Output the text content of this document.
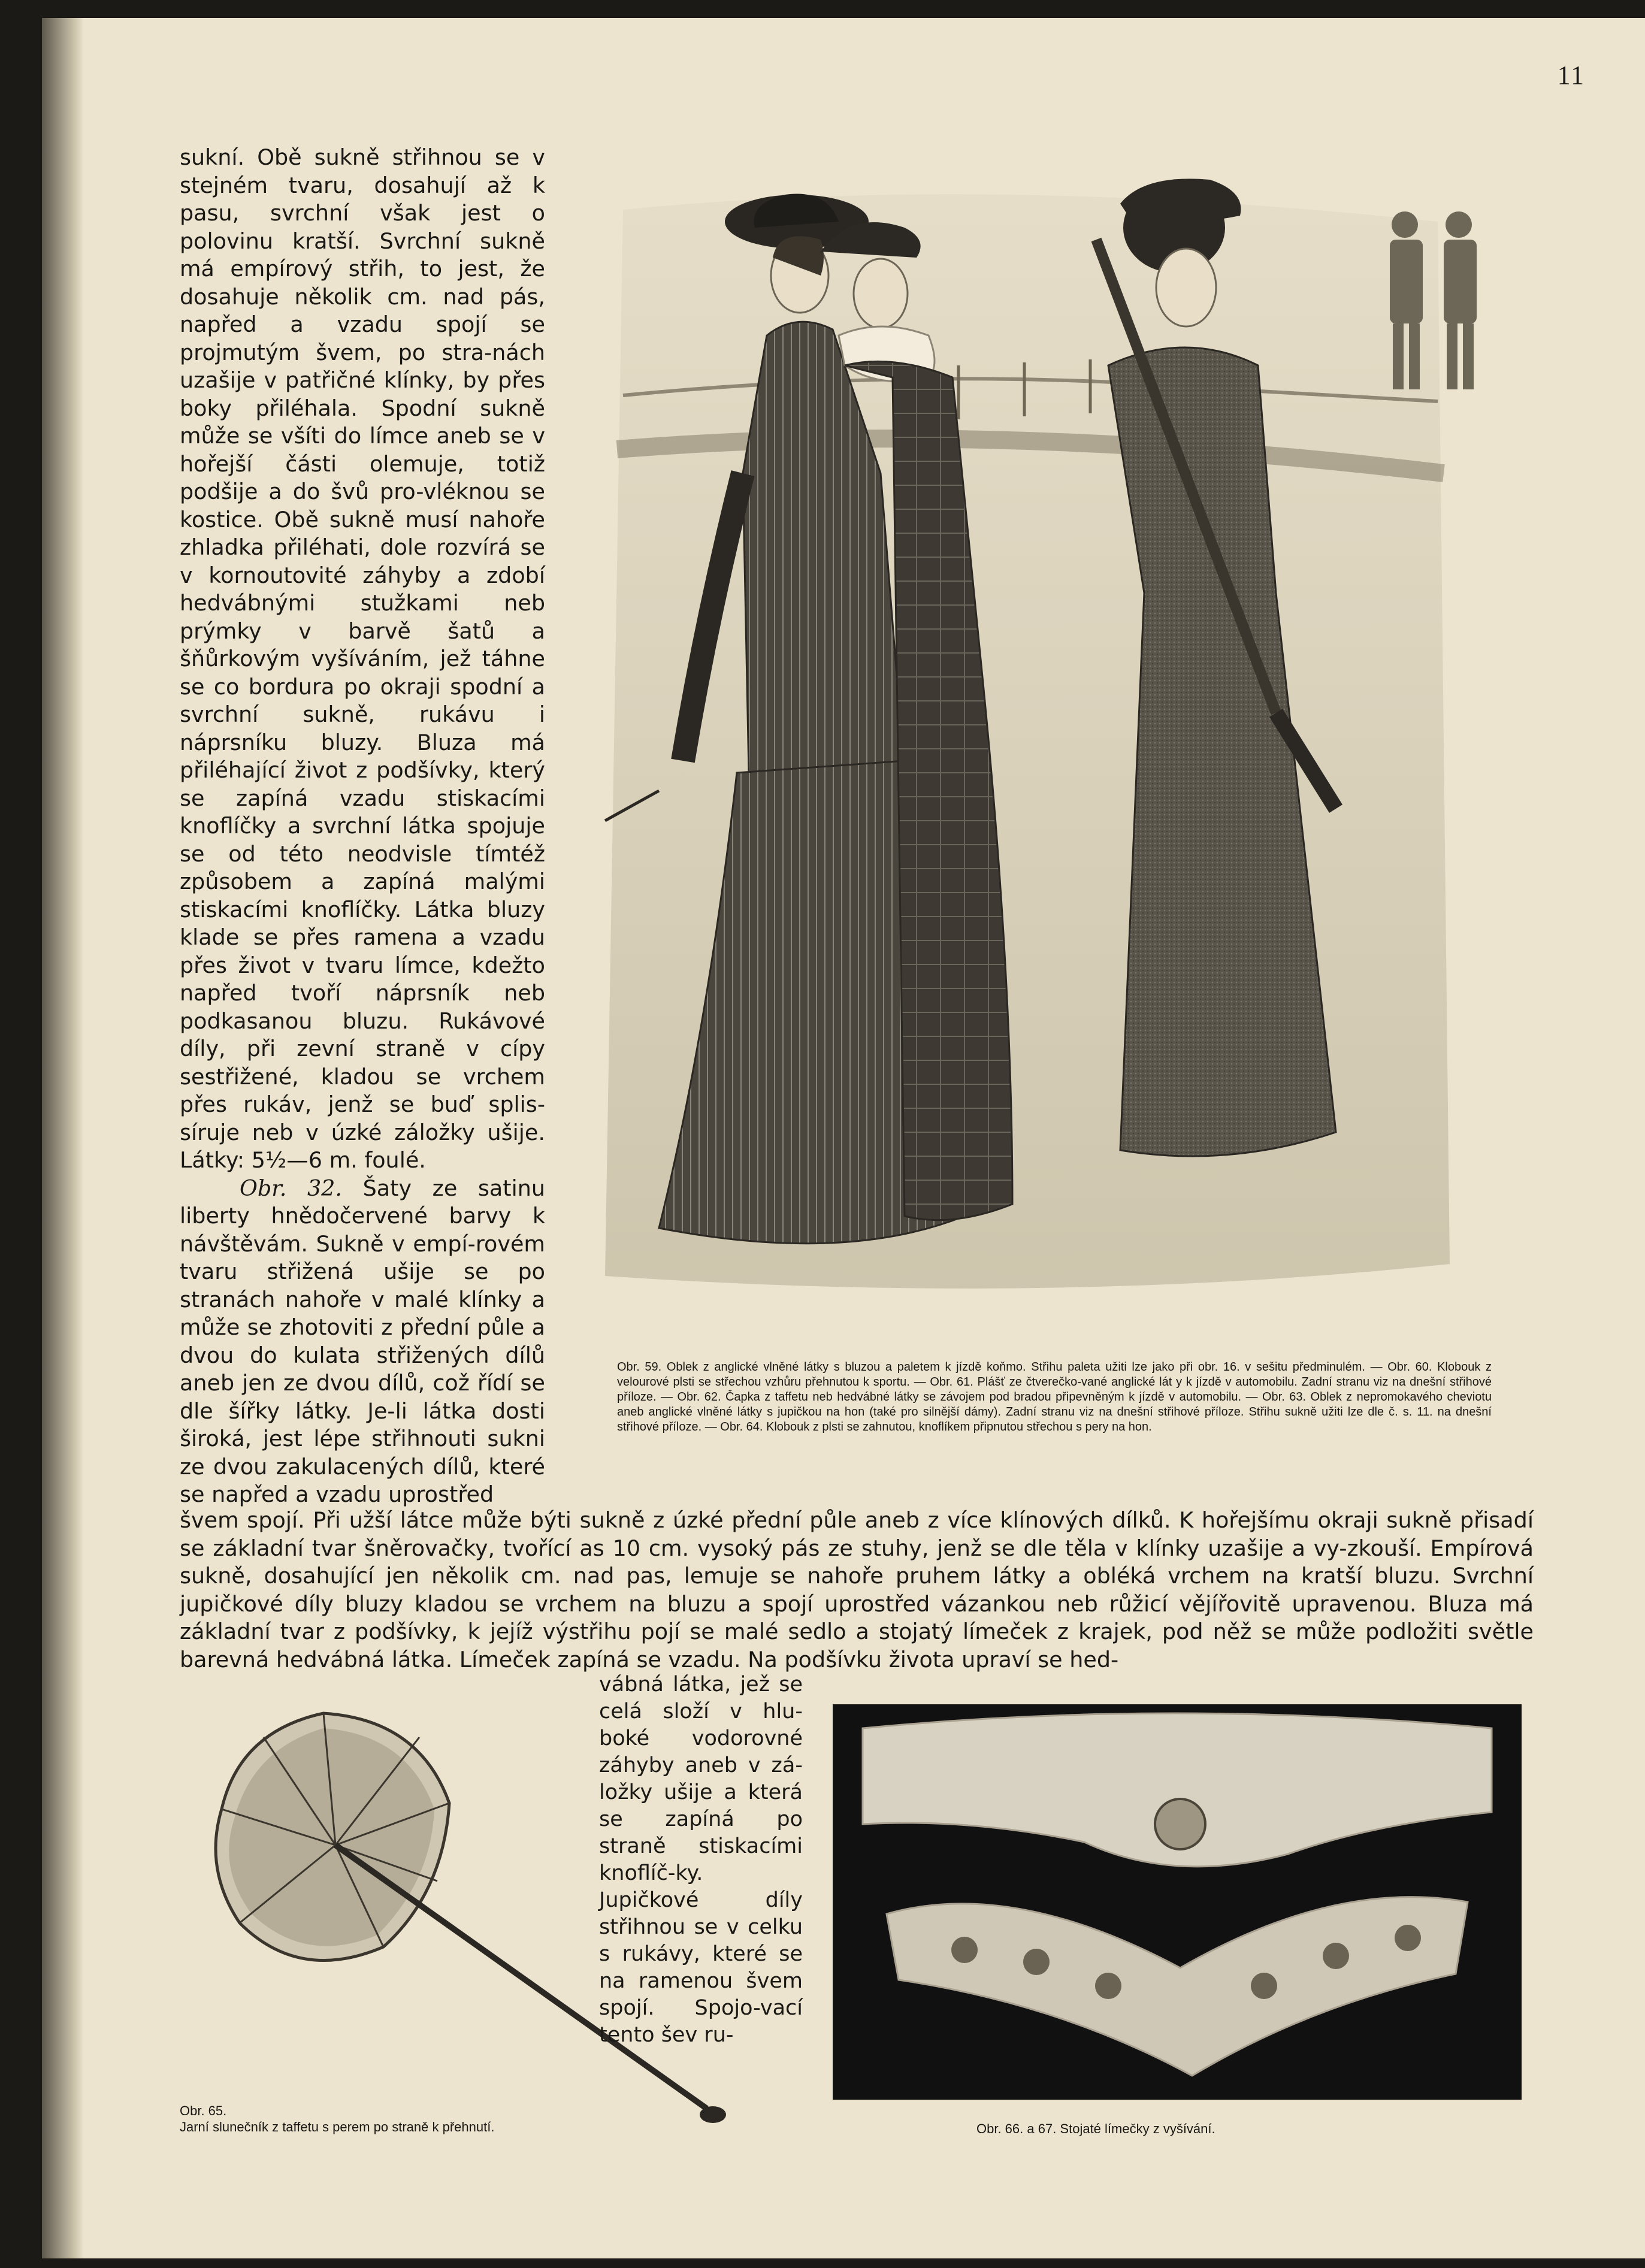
11

sukní. Obě sukně střihnou se v stejném tvaru, dosahují až k pasu, svrchní však jest o polovinu kratší. Svrchní sukně má empírový střih, to jest, že dosahuje několik cm. nad pás, napřed a vzadu spojí se projmutým švem, po stra-nách uzašije v patřičné klínky, by přes boky přiléhala. Spodní sukně může se všíti do límce aneb se v hořejší části olemuje, totiž podšije a do švů pro-vléknou se kostice. Obě sukně musí nahoře zhladka přiléhati, dole rozvírá se v kornoutovité záhyby a zdobí hedvábnými stužkami neb prýmky v barvě šatů a šňůrkovým vyšíváním, jež táhne se co bordura po okraji spodní a svrchní sukně, rukávu i náprsníku bluzy. Bluza má přiléhající život z podšívky, který se zapíná vzadu stiskacími knoflíčky a svrchní látka spojuje se od této neodvisle tímtéž způsobem a zapíná malými stiskacími knoflíčky. Látka bluzy klade se přes ramena a vzadu přes život v tvaru límce, kdežto napřed tvoří náprsník neb podkasanou bluzu. Rukávové díly, při zevní straně v cípy sestřižené, kladou se vrchem přes rukáv, jenž se buď splis-síruje neb v úzké záložky ušije. Látky: 5½—6 m. foulé.

Obr. 32. Šaty ze satinu liberty hnědočervené barvy k návštěvám. Sukně v empí-rovém tvaru střižená ušije se po stranách nahoře v malé klínky a může se zhotoviti z přední půle a dvou do kulata střižených dílů aneb jen ze dvou dílů, což řídí se dle šířky látky. Je-li látka dosti široká, jest lépe střihnouti sukni ze dvou zakulacených dílů, které se napřed a vzadu uprostřed

Obr. 59. Oblek z anglické vlněné látky s bluzou a paletem k jízdě koňmo. Střihu paleta užiti lze jako při obr. 16. v sešitu předminulém. — Obr. 60. Klobouk z velourové plsti se střechou vzhůru přehnutou k sportu. — Obr. 61. Plášť ze čtverečko-vané anglické lát y k jízdě v automobilu. Zadní stranu viz na dnešní střihové příloze. — Obr. 62. Čapka z taffetu neb hedvábné látky se závojem pod bradou připevněným k jízdě v automobilu. — Obr. 63. Oblek z nepromokavého cheviotu aneb anglické vlněné látky s jupičkou na hon (také pro silnější dámy). Zadní stranu viz na dnešní střihové příloze. Střihu sukně užiti lze dle č. s. 11. na dnešní střihové příloze. — Obr. 64. Klobouk z plsti se zahnutou, knoflíkem připnutou střechou s pery na hon.

švem spojí. Při užší látce může býti sukně z úzké přední půle aneb z více klínových dílků. K hořejšímu okraji sukně přisadí se základní tvar šněrovačky, tvořící as 10 cm. vysoký pás ze stuhy, jenž se dle těla v klínky uzašije a vy-zkouší. Empírová sukně, dosahující jen několik cm. nad pas, lemuje se nahoře pruhem látky a obléká vrchem na kratší bluzu. Svrchní jupičkové díly bluzy kladou se vrchem na bluzu a spojí uprostřed vázankou neb růžicí vějířovitě upravenou. Bluza má základní tvar z podšívky, k jejíž výstřihu pojí se malé sedlo a stojatý límeček z krajek, pod něž se může podložiti světle barevná hedvábná látka. Límeček zapíná se vzadu. Na podšívku života upraví se hed-

vábná látka, jež se celá složí v hlu-boké vodorovné záhyby aneb v zá-ložky ušije a která se zapíná po straně stiskacími knoflíč-ky. Jupičkové díly střihnou se v celku s rukávy, které se na ramenou švem spojí. Spojo-vací tento šev ru-

Obr. 65.
Jarní slunečník z taffetu s perem po straně k přehnutí.	Obr. 66. a 67. Stojaté límečky z vyšívání.
